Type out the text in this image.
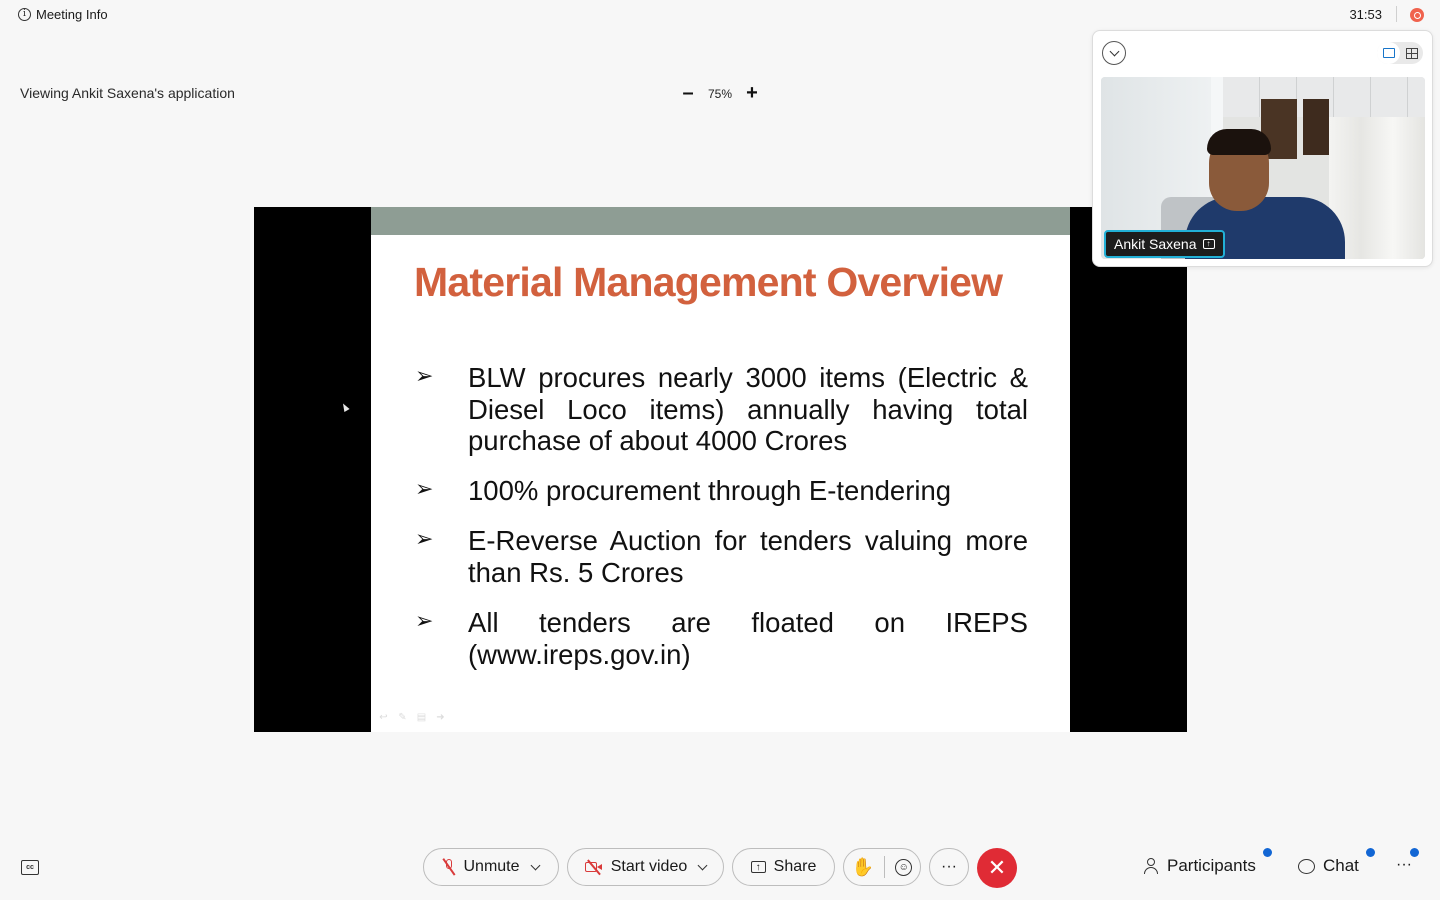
i Meeting Info	31:53
Viewing Ankit Saxena's application	–	75% +
Material Management Overview
➢ BLW procures nearly 3000 items (Electric & Diesel Loco items) annually having total purchase of about 4000 Crores
➢ 100% procurement through E-tendering
➢ E-Reverse Auction for tenders valuing more than Rs. 5 Crores
➢ All tenders are floated on IREPS (www.ireps.gov.in)
↩ ✎ ▤ ➜
Ankit Saxena	↑
cc	Unmute	Start video	↑ Share ✋	☺	···	✕	Participants	Chat ···
